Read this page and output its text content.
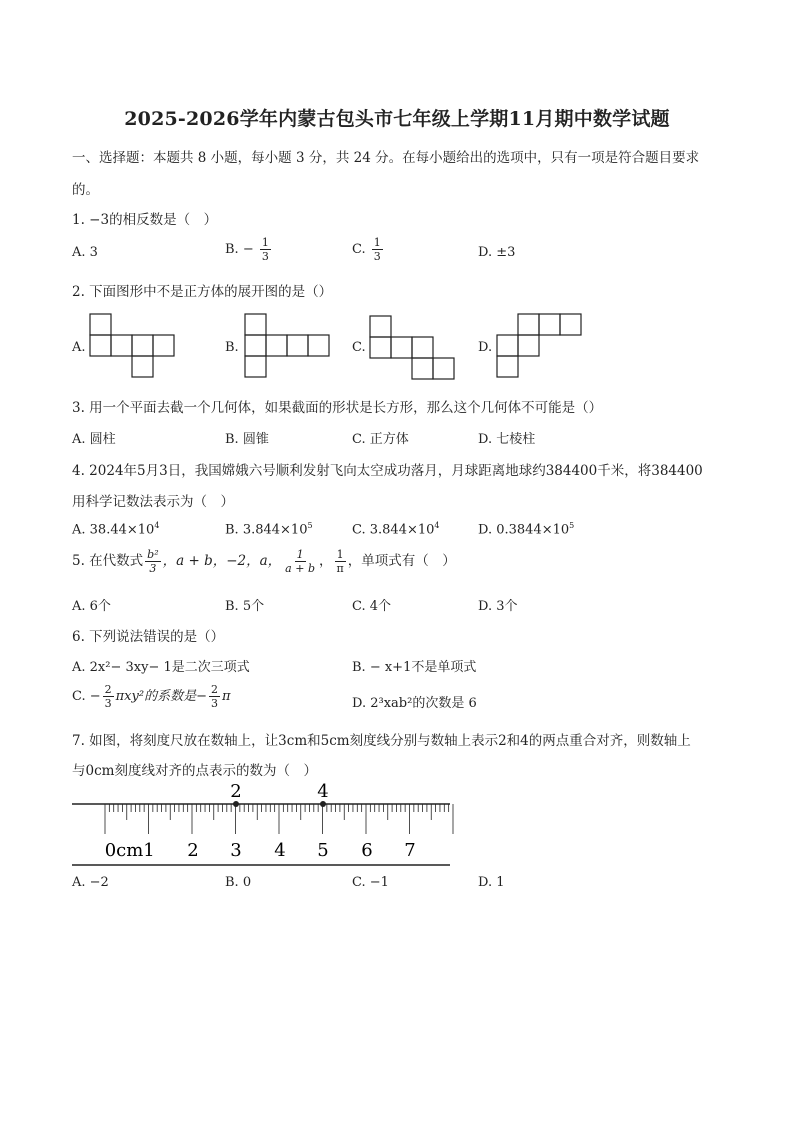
2025-2026学年内蒙古包头市七年级上学期11月期中数学试题
一、选择题：本题共 8 小题，每小题 3 分，共 24 分。在每小题给出的选项中，只有一项是符合题目要求
的。
1. −3的相反数是（　）
A. 3	B. − $\frac{1}{3}$	C. $\frac{1}{3}$	D. ±3
2. 下面图形中不是正方体的展开图的是（）
A.	B.	C.	D.
3. 用一个平面去截一个几何体，如果截面的形状是长方形，那么这个几何体不可能是（）
A. 圆柱	B. 圆锥	C. 正方体	D. 七棱柱
4. 2024年5月3日，我国嫦娥六号顺利发射飞向太空成功落月，月球距离地球约384400千米，将384400
用科学记数法表示为（　）
A. $38.44\times 10^4$	B. $3.844\times 10^5$	C. $3.844\times 10^4$	D. $0.3844\times 10^5$
5. 在代数式 $\frac{\text{b²}}{3}$ ，a + b，−2，a， $\frac{1}{a + b}$ ， $\frac{1}{\pi}$ ，单项式有（　）
A. 6个	B. 5个	C. 4个	D. 3个
6. 下列说法错误的是（）
A. 2x²− 3xy− 1是二次三项式	B. − x+1不是单项式
C. − $\frac{2}{3} \pi xy^2$的系数是− $\frac{2}{3}$ π	D. 2³xab²的次数是 6
7. 如图，将刻度尺放在数轴上，让3cm和5cm刻度线分别与数轴上表示2和4的两点重合对齐，则数轴上
与0cm刻度线对齐的点表示的数为（　）
2	4
0cm 1 2 3 4 5 6 7
A. −2	B. 0	C. −1	D. 1
